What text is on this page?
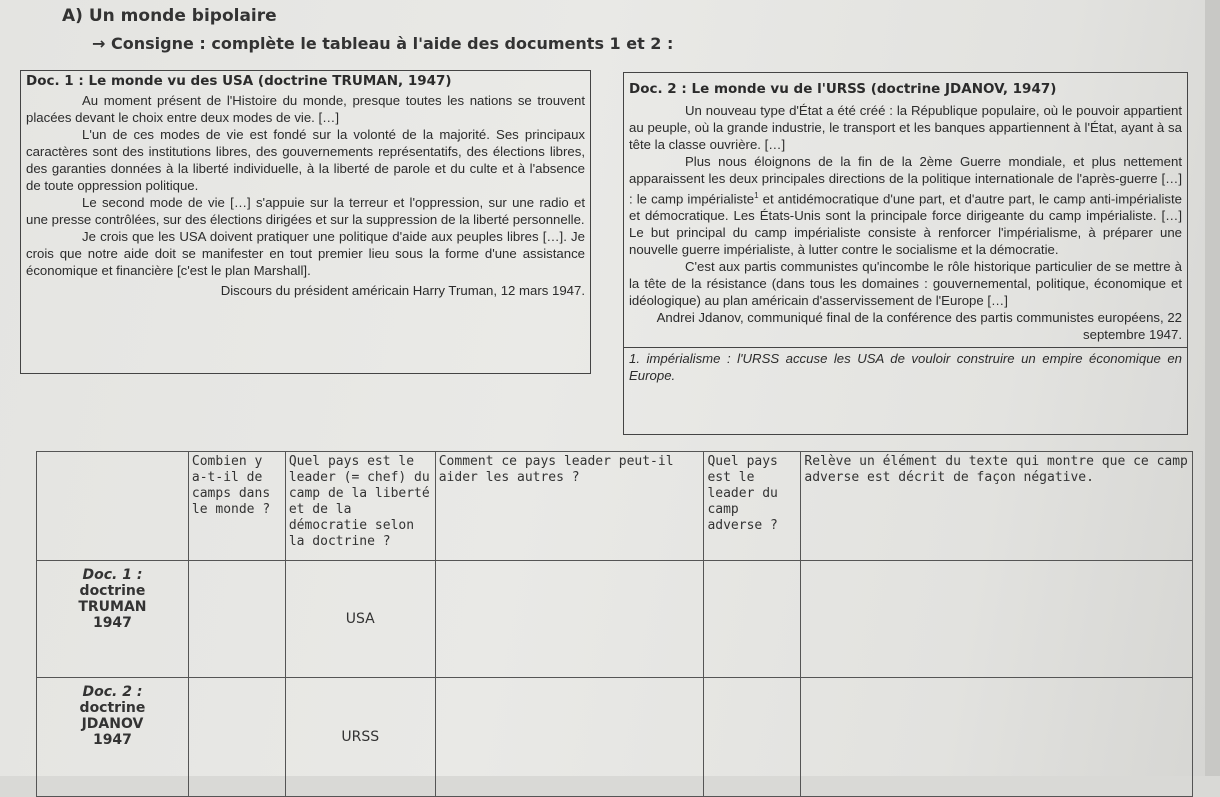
A) Un monde bipolaire
→ Consigne : complète le tableau à l'aide des documents 1 et 2 :
Doc. 1 : Le monde vu des USA (doctrine TRUMAN, 1947)

Au moment présent de l'Histoire du monde, presque toutes les nations se trouvent placées devant le choix entre deux modes de vie. […]

L'un de ces modes de vie est fondé sur la volonté de la majorité. Ses principaux caractères sont des institutions libres, des gouvernements représentatifs, des élections libres, des garanties données à la liberté individuelle, à la liberté de parole et du culte et à l'absence de toute oppression politique.

Le second mode de vie […] s'appuie sur la terreur et l'oppression, sur une radio et une presse contrôlées, sur des élections dirigées et sur la suppression de la liberté personnelle.

Je crois que les USA doivent pratiquer une politique d'aide aux peuples libres […]. Je crois que notre aide doit se manifester en tout premier lieu sous la forme d'une assistance économique et financière [c'est le plan Marshall].

Discours du président américain Harry Truman, 12 mars 1947.
Doc. 2 : Le monde vu de l'URSS (doctrine JDANOV, 1947)

Un nouveau type d'État a été créé : la République populaire, où le pouvoir appartient au peuple, où la grande industrie, le transport et les banques appartiennent à l'État, ayant à sa tête la classe ouvrière. […]

Plus nous éloignons de la fin de la 2ème Guerre mondiale, et plus nettement apparaissent les deux principales directions de la politique internationale de l'après-guerre […] : le camp impérialiste$^1$ et antidémocratique d'une part, et d'autre part, le camp anti-impérialiste et démocratique. Les États-Unis sont la principale force dirigeante du camp impérialiste. […] Le but principal du camp impérialiste consiste à renforcer l'impérialisme, à préparer une nouvelle guerre impérialiste, à lutter contre le socialisme et la démocratie.

C'est aux partis communistes qu'incombe le rôle historique particulier de se mettre à la tête de la résistance (dans tous les domaines : gouvernemental, politique, économique et idéologique) au plan américain d'asservissement de l'Europe […]

Andrei Jdanov, communiqué final de la conférence des partis communistes européens, 22 septembre 1947.
1. impérialisme : l'URSS accuse les USA de vouloir construire un empire économique en Europe.
	Combien y a-t-il de camps dans le monde ?	Quel pays est le leader (= chef) du camp de la liberté et de la démocratie selon la doctrine ?	Comment ce pays leader peut-il aider les autres ?	Quel pays est le leader du camp adverse ?	Relève un élément du texte qui montre que ce camp adverse est décrit de façon négative.

Doc. 1 :
doctrine
TRUMAN
1947		USA			

Doc. 2 :
doctrine
JDANOV
1947		URSS			
